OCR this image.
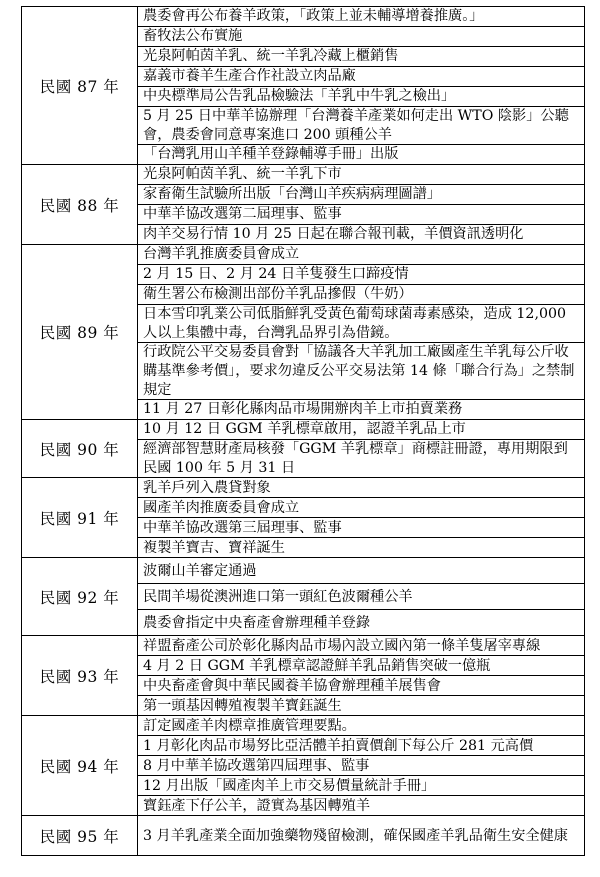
民國 87 年	農委會再公布養羊政策，「政策上並未輔導增養推廣。」
	畜牧法公布實施
	光泉阿帕茵羊乳、統一羊乳冷藏上櫃銷售
	嘉義市養羊生產合作社設立肉品廠
	中央標準局公告乳品檢驗法「羊乳中牛乳之檢出」
	5 月 25 日中華羊協辦理「台灣養羊產業如何走出 WTO 陰影」公聽會，農委會同意專案進口 200 頭種公羊
	「台灣乳用山羊種羊登錄輔導手冊」出版
民國 88 年	光泉阿帕茵羊乳、統一羊乳下市
	家畜衛生試驗所出版「台灣山羊疾病病理圖譜」
	中華羊協改選第二屆理事、監事
	肉羊交易行情 10 月 25 日起在聯合報刊載，羊價資訊透明化
民國 89 年	台灣羊乳推廣委員會成立
	2 月 15 日、2 月 24 日羊隻發生口蹄疫情
	衛生署公布檢測出部份羊乳品摻假（牛奶）
	日本雪印乳業公司低脂鮮乳受黃色葡萄球菌毒素感染，造成 12,000 人以上集體中毒，台灣乳品界引為借鏡。
	行政院公平交易委員會對「協議各大羊乳加工廠國產生羊乳每公斤收購基準參考價」，要求勿違反公平交易法第 14 條「聯合行為」之禁制規定
	11 月 27 日彰化縣肉品市場開辦肉羊上市拍賣業務
民國 90 年	10 月 12 日 GGM 羊乳標章啟用，認證羊乳品上市
	經濟部智慧財產局核發「GGM 羊乳標章」商標註冊證，專用期限到民國 100 年 5 月 31 日
民國 91 年	乳羊戶列入農貸對象
	國產羊肉推廣委員會成立
	中華羊協改選第三屆理事、監事
	複製羊寶吉、寶祥誕生
民國 92 年	波爾山羊審定通過
	民間羊場從澳洲進口第一頭紅色波爾種公羊
	農委會指定中央畜產會辦理種羊登錄
民國 93 年	祥盟畜產公司於彰化縣肉品市場內設立國內第一條羊隻屠宰專線
	4 月 2 日 GGM 羊乳標章認證鮮羊乳品銷售突破一億瓶
	中央畜產會與中華民國養羊協會辦理種羊展售會
	第一頭基因轉殖複製羊寶鈺誕生
民國 94 年	訂定國產羊肉標章推廣管理要點。
	1 月彰化肉品市場努比亞活體羊拍賣價創下每公斤 281 元高價
	8 月中華羊協改選第四屆理事、監事
	12 月出版「國產肉羊上市交易價量統計手冊」
	寶鈺產下仔公羊，證實為基因轉殖羊
民國 95 年	3 月羊乳產業全面加強藥物殘留檢測，確保國產羊乳品衛生安全健康
